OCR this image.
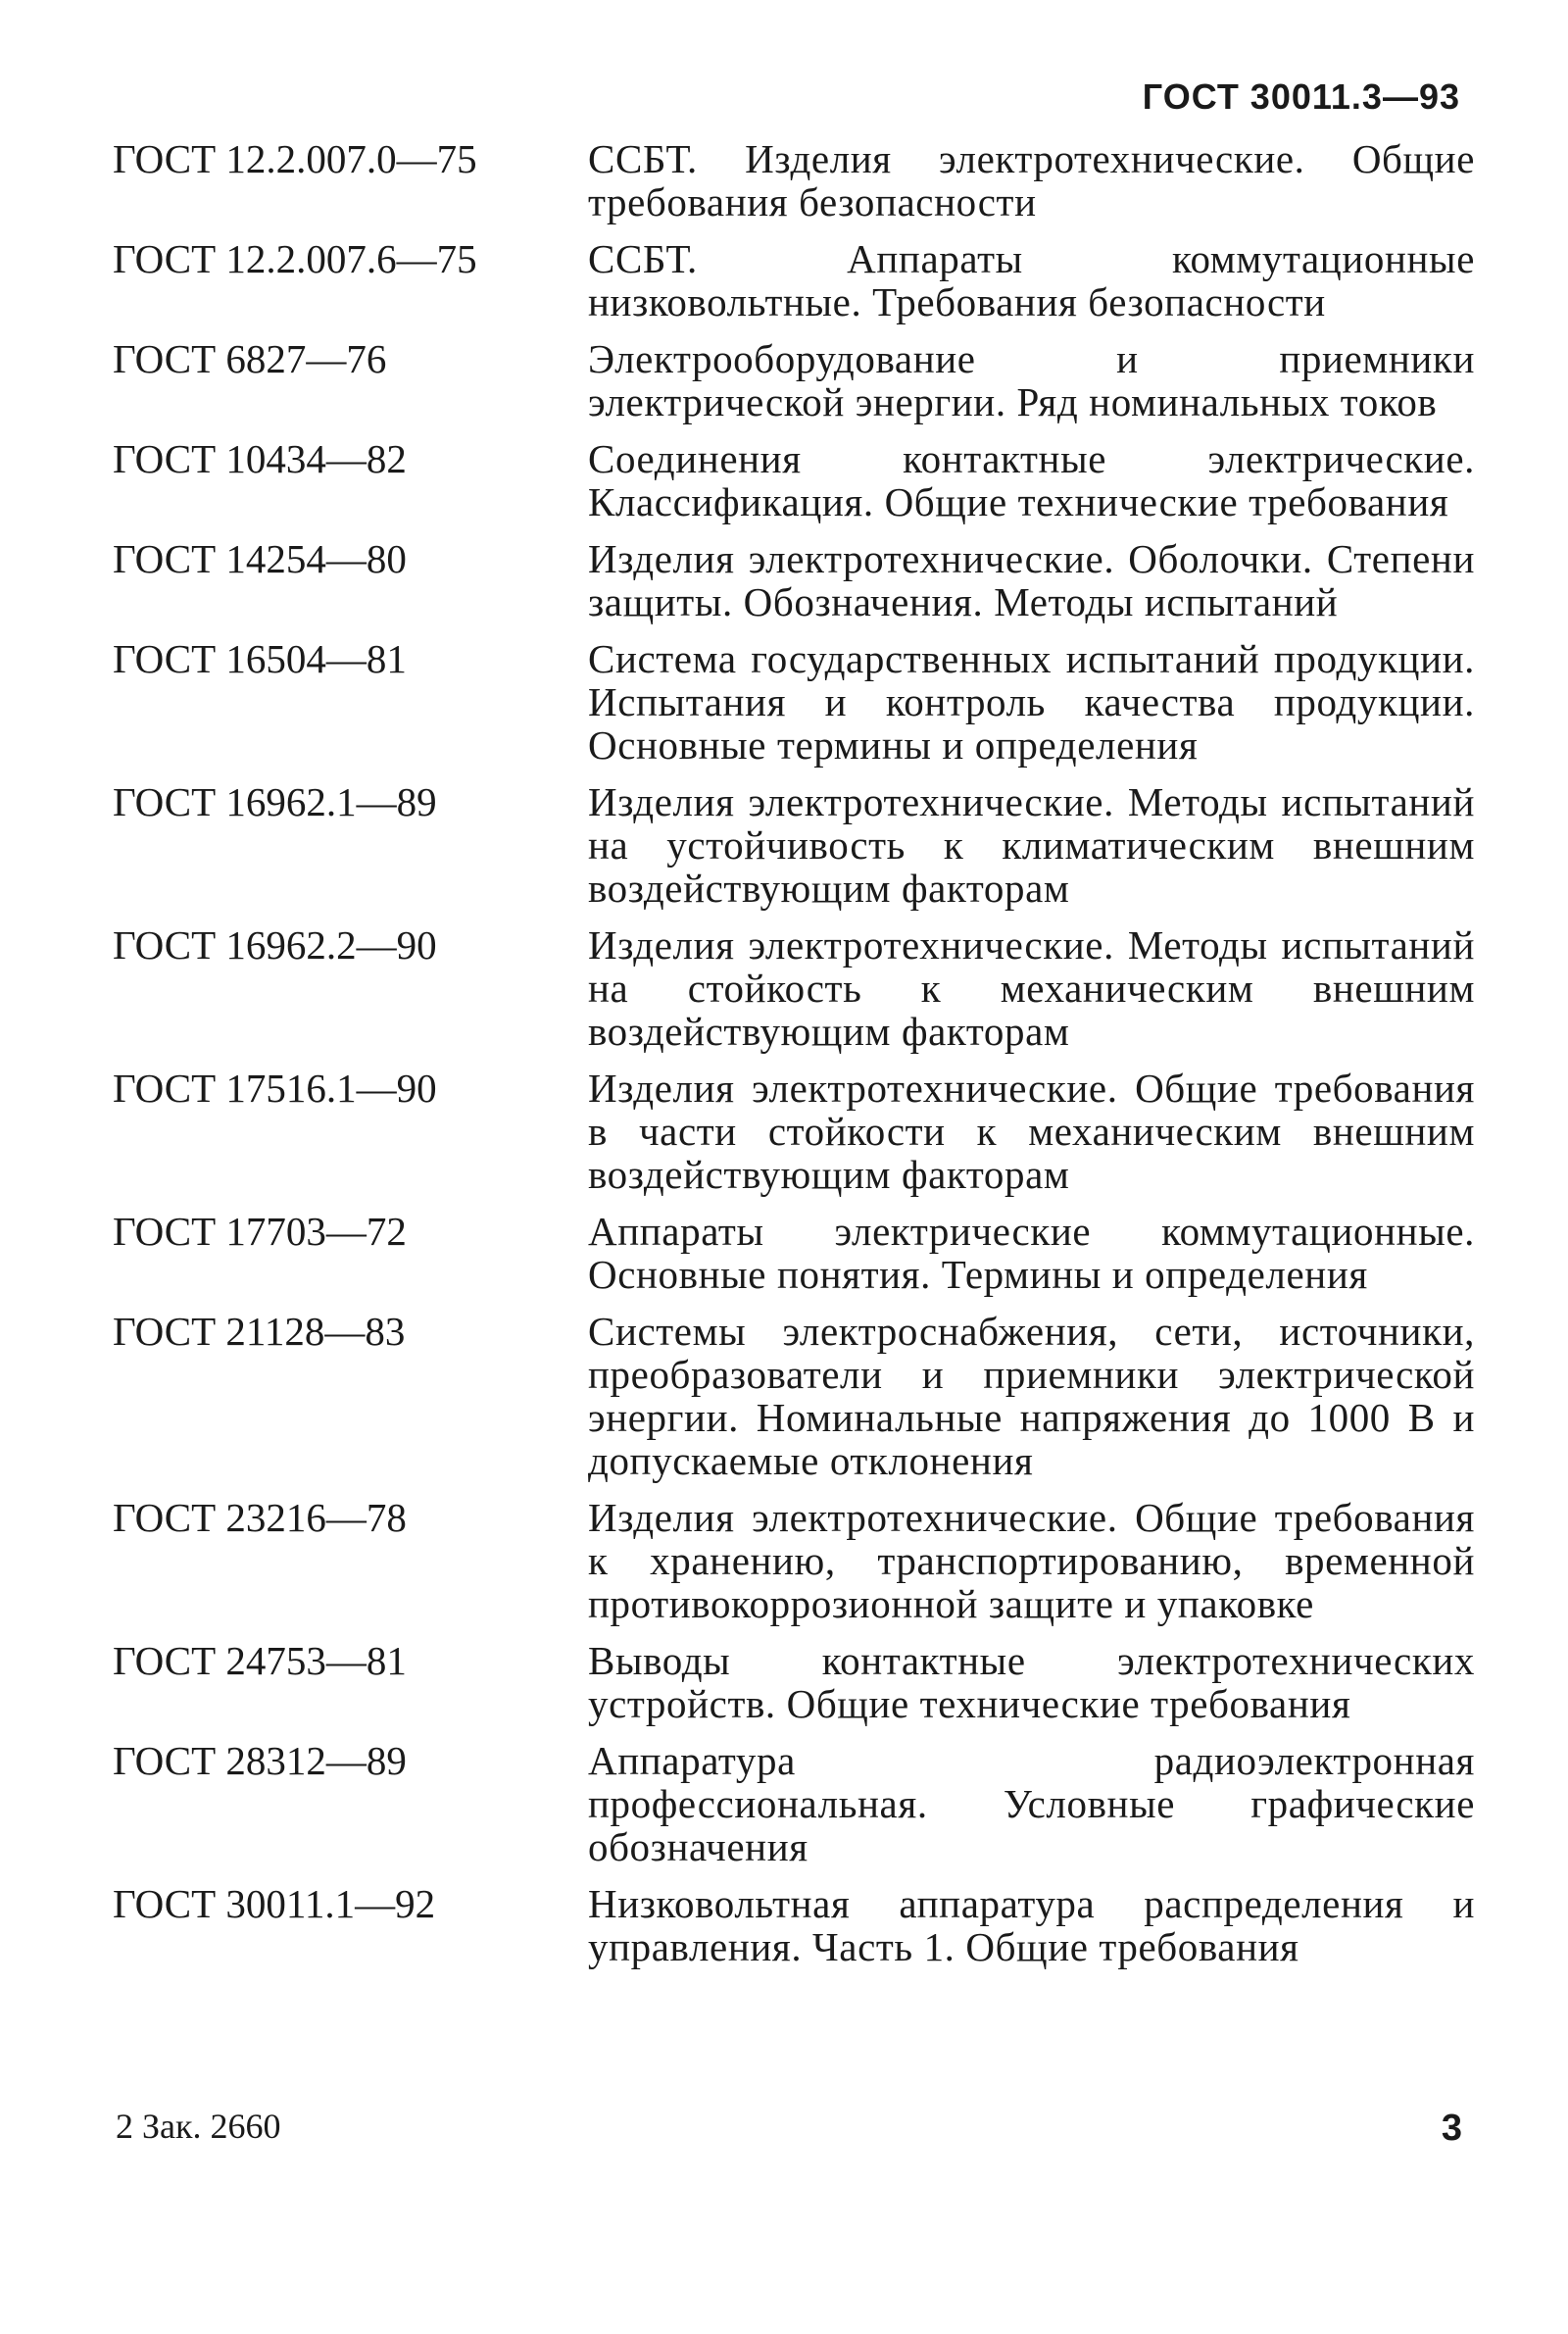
ГОСТ 30011.3—93
ГОСТ 12.2.007.0—75	ССБТ. Изделия электротехнические. Общие требования безопасности
ГОСТ 12.2.007.6—75	ССБТ. Аппараты коммутационные низковольтные. Требования безопасности
ГОСТ 6827—76	Электрооборудование и приемники электрической энергии. Ряд номинальных токов
ГОСТ 10434—82	Соединения контактные электрические. Классификация. Общие технические требования
ГОСТ 14254—80	Изделия электротехнические. Оболочки. Степени защиты. Обозначения. Методы испытаний
ГОСТ 16504—81	Система государственных испытаний продукции. Испытания и контроль качества продукции. Основные термины и определения
ГОСТ 16962.1—89	Изделия электротехнические. Методы испытаний на устойчивость к климатическим внешним воздействующим факторам
ГОСТ 16962.2—90	Изделия электротехнические. Методы испытаний на стойкость к механическим внешним воздействующим факторам
ГОСТ 17516.1—90	Изделия электротехнические. Общие требования в части стойкости к механическим внешним воздействующим факторам
ГОСТ 17703—72	Аппараты электрические коммутационные. Основные понятия. Термины и определения
ГОСТ 21128—83	Системы электроснабжения, сети, источники, преобразователи и приемники электрической энергии. Номинальные напряжения до 1000 В и допускаемые отклонения
ГОСТ 23216—78	Изделия электротехнические. Общие требования к хранению, транспортированию, временной противокоррозионной защите и упаковке
ГОСТ 24753—81	Выводы контактные электротехнических устройств. Общие технические требования
ГОСТ 28312—89	Аппаратура радиоэлектронная профессиональная. Условные графические обозначения
ГОСТ 30011.1—92	Низковольтная аппаратура распределения и управления. Часть 1. Общие требования
2 Зак. 2660	3
